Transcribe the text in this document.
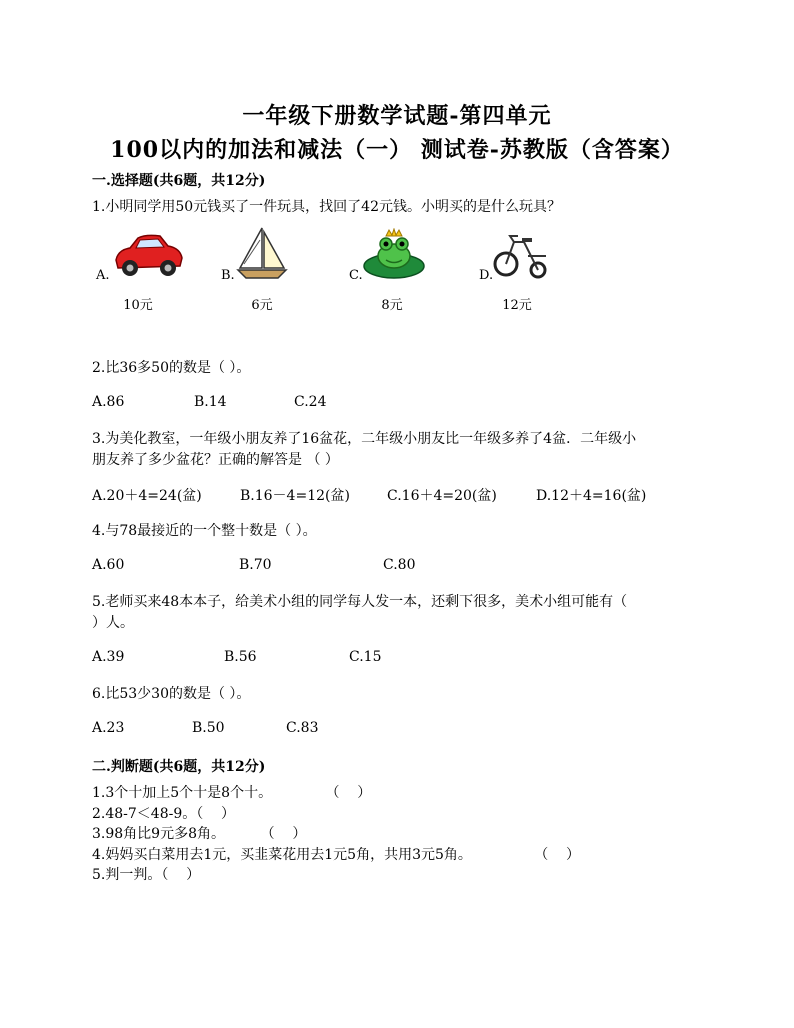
一年级下册数学试题-第四单元
100以内的加法和减法（一） 测试卷-苏教版（含答案）
一.选择题(共6题，共12分)
1.小明同学用50元钱买了一件玩具，找回了42元钱。小明买的是什么玩具？
A.
10元
B.
6元
C.
8元
D.
12元
2.比36多50的数是（ ）。
A.86	B.14	C.24
3.为美化教室，一年级小朋友养了16盆花，二年级小朋友比一年级多养了4盆．二年级小
朋友养了多少盆花？正确的解答是 （ ）
A.20＋4=24(盆)	B.16－4=12(盆)	C.16＋4=20(盆)	D.12＋4=16(盆)
4.与78最接近的一个整十数是（ ）。
A.60	B.70	C.80
5.老师买来48本本子，给美术小组的同学每人发一本，还剩下很多，美术小组可能有（
）人。
A.39	B.56	C.15
6.比53少30的数是（ ）。
A.23	B.50	C.83
二.判断题(共6题，共12分)
1.3个十加上5个十是8个十。            （    ）
2.48-7＜48-9。（    ）
3.98角比9元多8角。        （    ）
4.妈妈买白菜用去1元，买韭菜花用去1元5角，共用3元5角。              （    ）
5.判一判。（    ）
